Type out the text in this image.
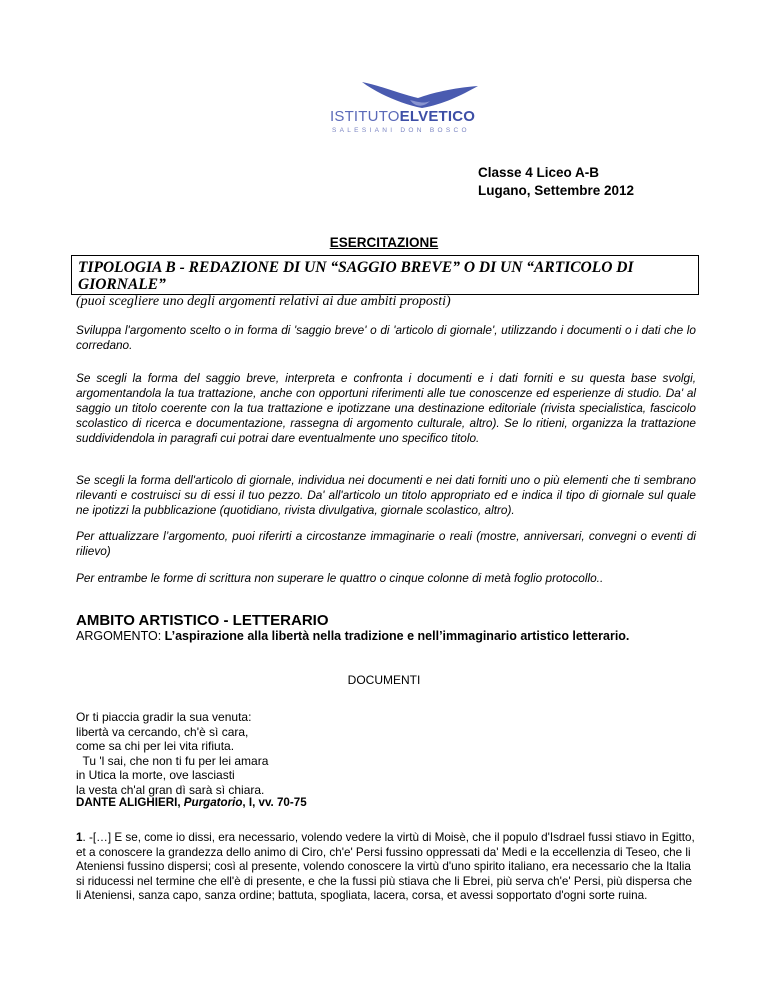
ISTITUTOELVETICO
SALESIANI DON BOSCO
Classe 4 Liceo A-B
Lugano, Settembre 2012
ESERCITAZIONE
TIPOLOGIA B - REDAZIONE DI UN “SAGGIO BREVE” O DI UN “ARTICOLO DI GIORNALE”
(puoi scegliere uno degli argomenti relativi ai due ambiti proposti)
Sviluppa l'argomento scelto o in forma di 'saggio breve' o di 'articolo di giornale', utilizzando i documenti o i dati che lo corredano.
Se scegli la forma del saggio breve, interpreta e confronta i documenti e i dati forniti e su questa base svolgi, argomentandola la tua trattazione, anche con opportuni riferimenti alle tue conoscenze ed esperienze di studio. Da' al saggio un titolo coerente con la tua trattazione e ipotizzane una destinazione editoriale (rivista specialistica, fascicolo scolastico di ricerca e documentazione, rassegna di argomento culturale, altro). Se lo ritieni, organizza la trattazione suddividendola in paragrafi cui potrai dare eventualmente uno specifico titolo.
Se scegli la forma dell'articolo di giornale, individua nei documenti e nei dati forniti uno o più elementi che ti sembrano rilevanti e costruisci su di essi il tuo pezzo. Da' all'articolo un titolo appropriato ed e indica il tipo di giornale sul quale ne ipotizzi la pubblicazione (quotidiano, rivista divulgativa, giornale scolastico, altro).
Per attualizzare l’argomento, puoi riferirti a circostanze immaginarie o reali (mostre, anniversari, convegni o eventi di rilievo)
Per entrambe le forme di scrittura non superare le quattro o cinque colonne di metà foglio protocollo..
AMBITO ARTISTICO - LETTERARIO
ARGOMENTO: L’aspirazione alla libertà nella tradizione e nell’immaginario artistico letterario.
DOCUMENTI
Or ti piaccia gradir la sua venuta:
libertà va cercando, ch'è sì cara,
come sa chi per lei vita rifiuta.
Tu 'l sai, che non ti fu per lei amara
in Utica la morte, ove lasciasti
la vesta ch'al gran dì sarà sì chiara.
DANTE ALIGHIERI, Purgatorio, I, vv. 70-75
1. -[…] E se, come io dissi, era necessario, volendo vedere la virtù di Moisè, che il populo d'Isdrael fussi stiavo in Egitto, et a conoscere la grandezza dello animo di Ciro, ch'e' Persi fussino oppressati da' Medi e la eccellenzia di Teseo, che li Ateniensi fussino dispersi; così al presente, volendo conoscere la virtù d'uno spirito italiano, era necessario che la Italia si riducessi nel termine che ell'è di presente, e che la fussi più stiava che li Ebrei, più serva ch'e' Persi, più dispersa che li Ateniensi, sanza capo, sanza ordine; battuta, spogliata, lacera, corsa, et avessi sopportato d'ogni sorte ruina.
